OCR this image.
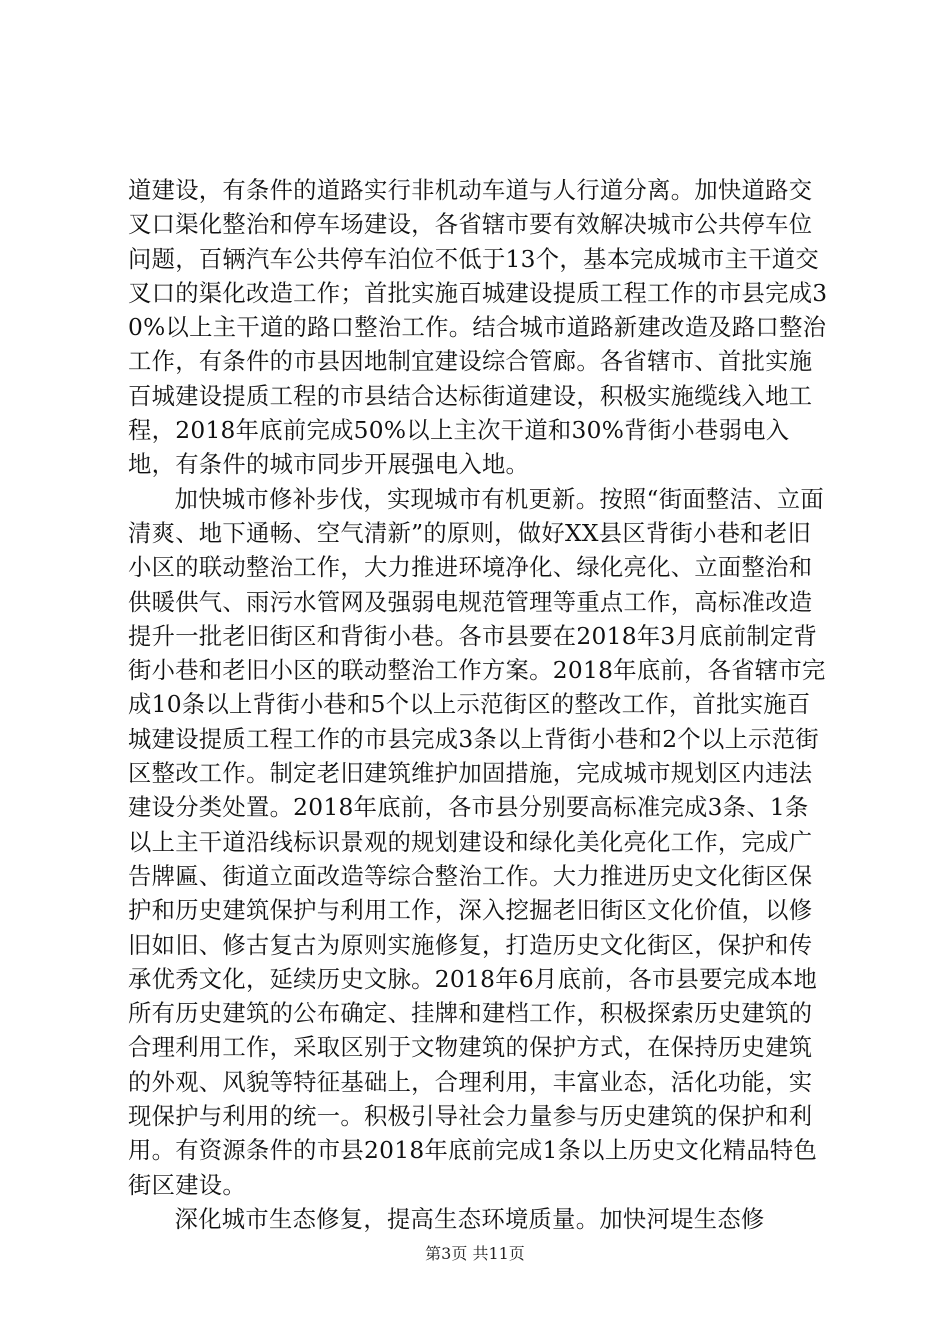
道建设，有条件的道路实行非机动车道与人行道分离。加快道路交叉口渠化整治和停车场建设，各省辖市要有效解决城市公共停车位问题，百辆汽车公共停车泊位不低于13个，基本完成城市主干道交叉口的渠化改造工作；首批实施百城建设提质工程工作的市县完成30%以上主干道的路口整治工作。结合城市道路新建改造及路口整治工作，有条件的市县因地制宜建设综合管廊。各省辖市、首批实施百城建设提质工程的市县结合达标街道建设，积极实施缆线入地工程，2018年底前完成50%以上主次干道和30%背街小巷弱电入地，有条件的城市同步开展强电入地。

加快城市修补步伐，实现城市有机更新。按照“街面整洁、立面清爽、地下通畅、空气清新”的原则，做好XX县区背街小巷和老旧小区的联动整治工作，大力推进环境净化、绿化亮化、立面整治和供暖供气、雨污水管网及强弱电规范管理等重点工作，高标准改造提升一批老旧街区和背街小巷。各市县要在2018年3月底前制定背街小巷和老旧小区的联动整治工作方案。2018年底前，各省辖市完成10条以上背街小巷和5个以上示范街区的整改工作，首批实施百城建设提质工程工作的市县完成3条以上背街小巷和2个以上示范街区整改工作。制定老旧建筑维护加固措施，完成城市规划区内违法建设分类处置。2018年底前，各市县分别要高标准完成3条、1条以上主干道沿线标识景观的规划建设和绿化美化亮化工作，完成广告牌匾、街道立面改造等综合整治工作。大力推进历史文化街区保护和历史建筑保护与利用工作，深入挖掘老旧街区文化价值，以修旧如旧、修古复古为原则实施修复，打造历史文化街区，保护和传承优秀文化，延续历史文脉。2018年6月底前，各市县要完成本地所有历史建筑的公布确定、挂牌和建档工作，积极探索历史建筑的合理利用工作，采取区别于文物建筑的保护方式，在保持历史建筑的外观、风貌等特征基础上，合理利用，丰富业态，活化功能，实现保护与利用的统一。积极引导社会力量参与历史建筑的保护和利用。有资源条件的市县2018年底前完成1条以上历史文化精品特色街区建设。

深化城市生态修复，提高生态环境质量。加快河堤生态修

第3页 共11页
